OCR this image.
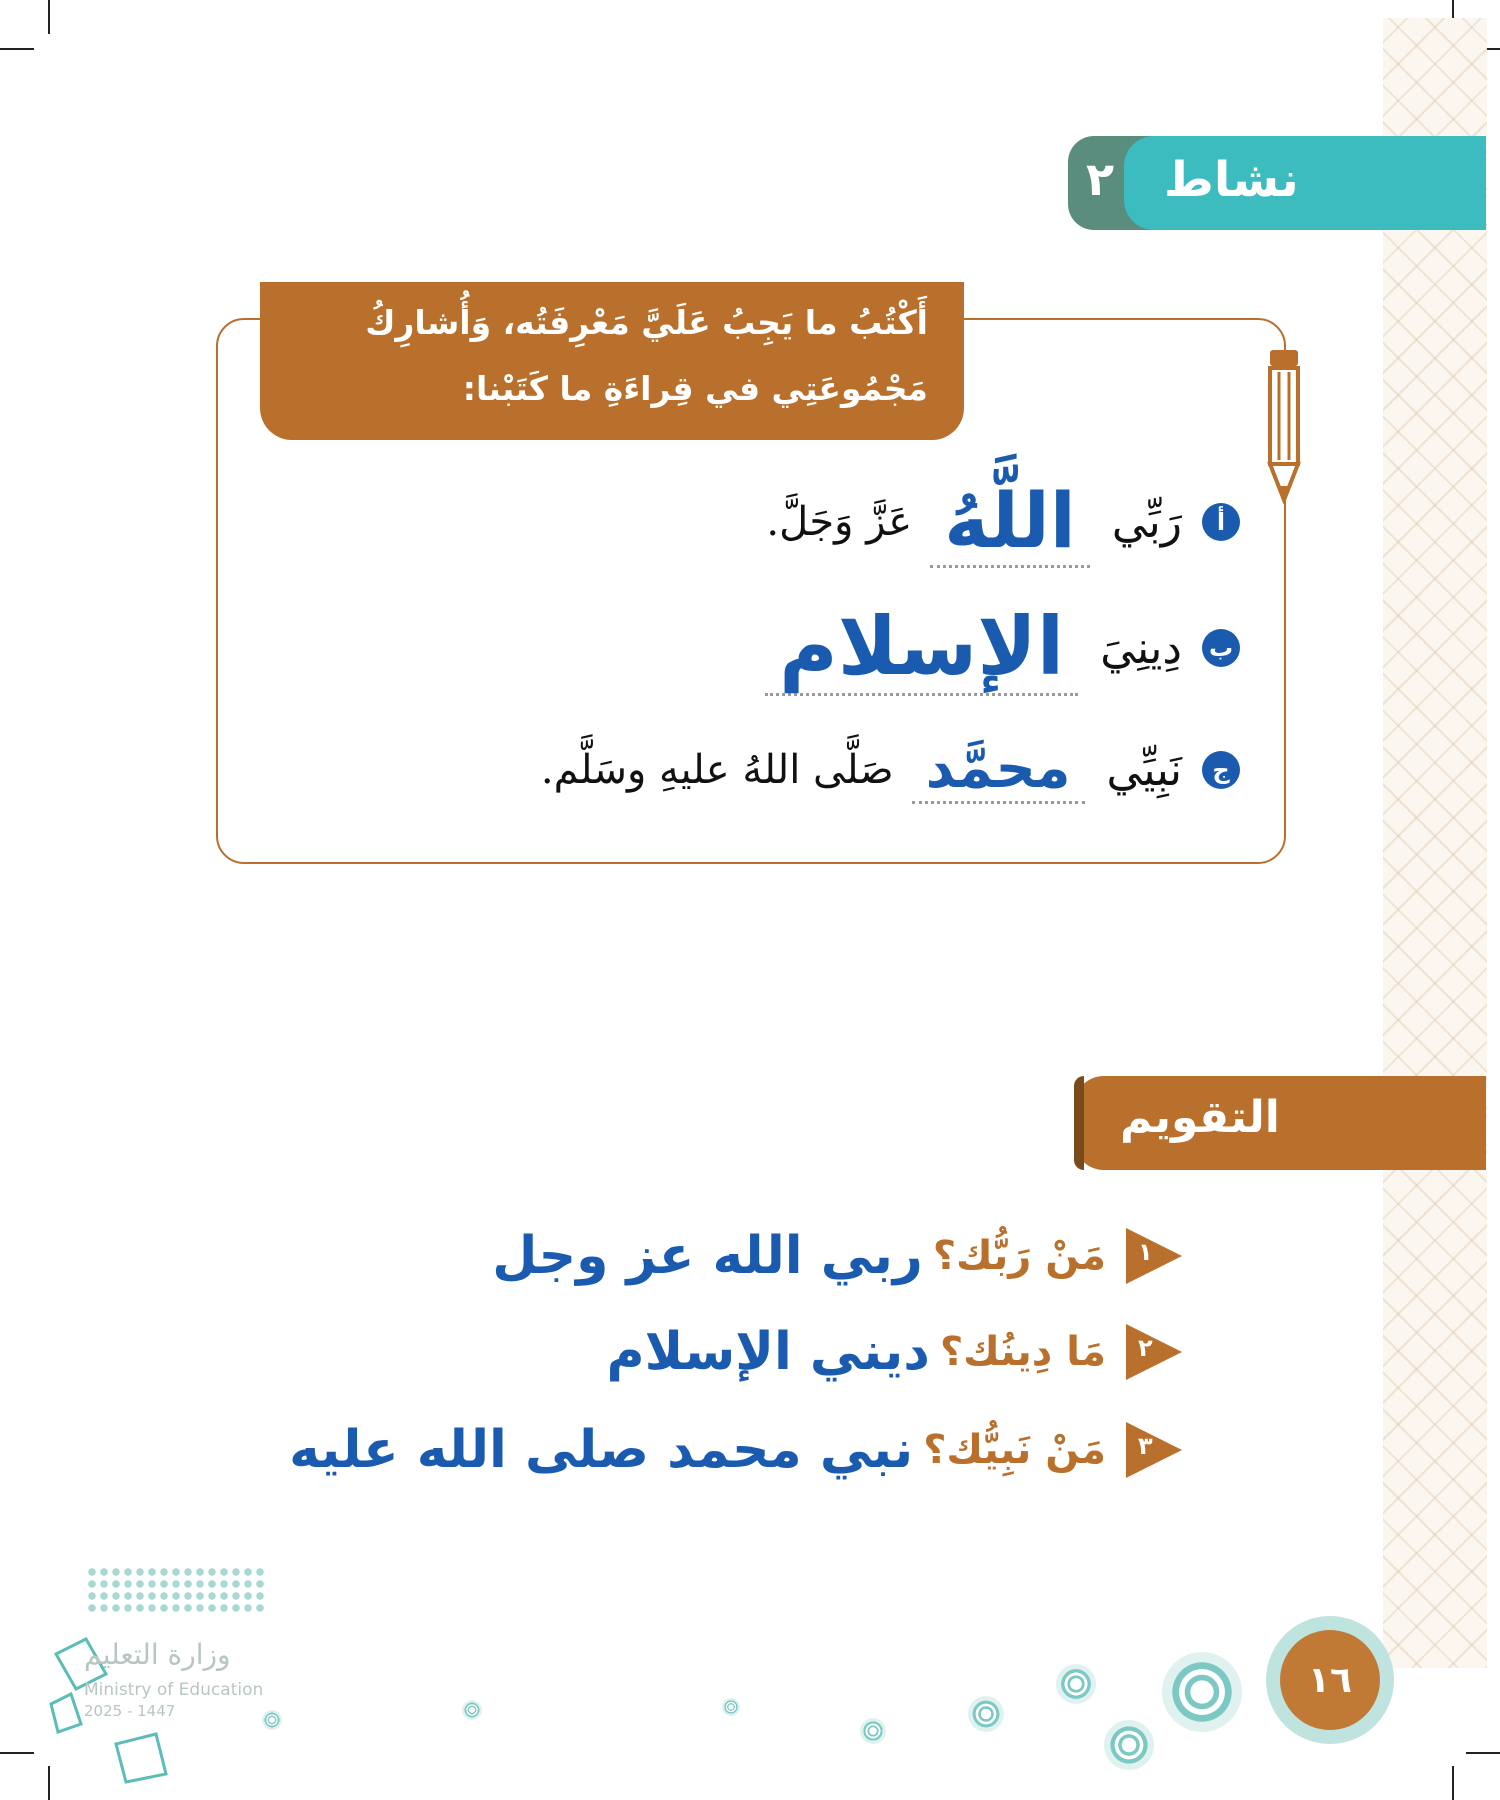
٢ نشاط
أَكْتُبُ ما يَجِبُ عَلَيَّ مَعْرِفَتُه، وَأُشارِكُ
مَجْمُوعَتِي في قِراءَةِ ما كَتَبْنا:
أ
رَبِّي
اللَّهُ
عَزَّ وَجَلَّ.
ب
دِينِيَ
الإسلام
ج
نَبِيِّي
محمَّد
صَلَّى اللهُ عليهِ وسَلَّم.
التقويم
١
مَنْ رَبُّك؟
ربي الله عز وجل
٢
مَا دِينُك؟
ديني الإسلام
٣
مَنْ نَبِيُّك؟
نبي محمد صلى الله عليه
١٦
وزارة التعليم
Ministry of Education
2025 - 1447
